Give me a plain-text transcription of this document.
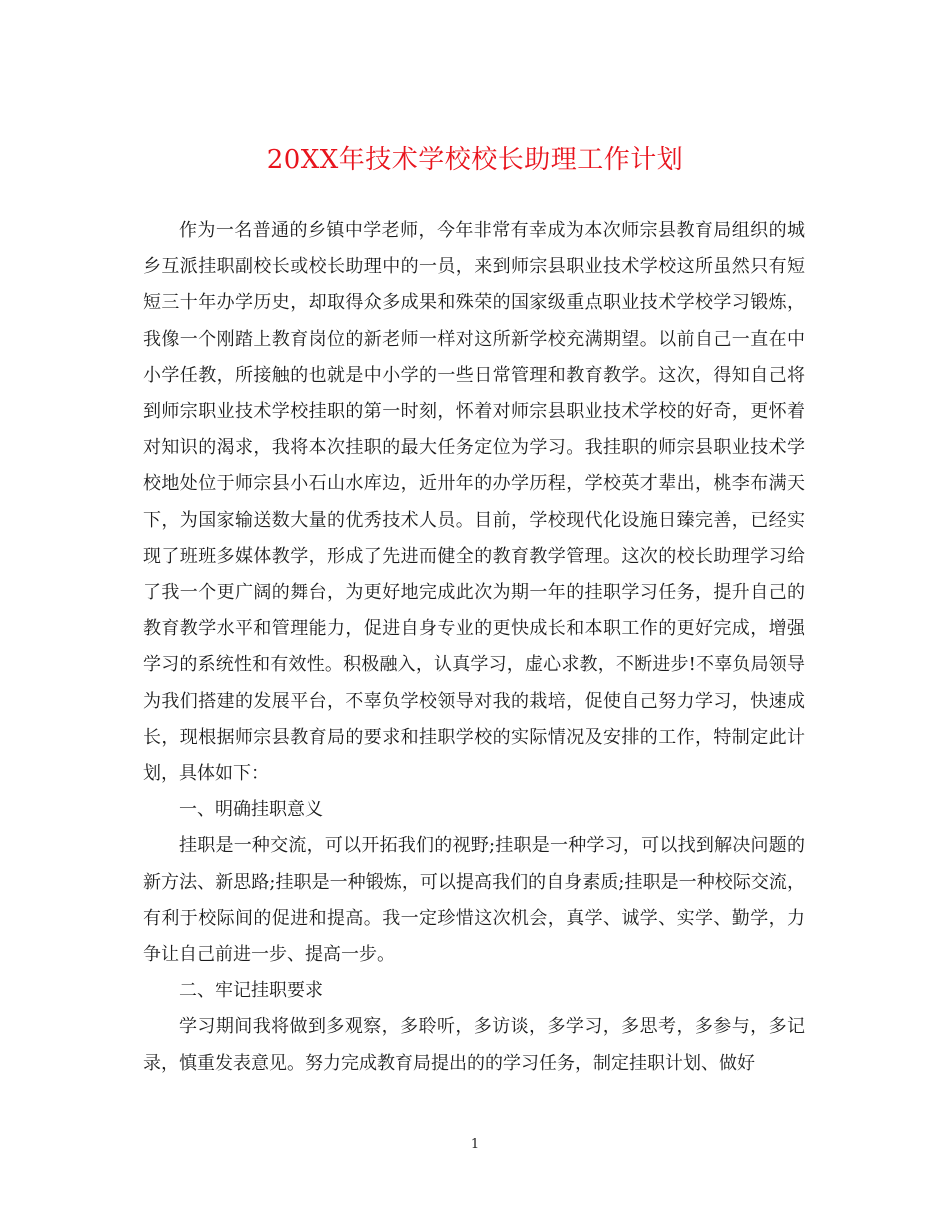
20XX年技术学校校长助理工作计划

作为一名普通的乡镇中学老师，今年非常有幸成为本次师宗县教育局组织的城乡互派挂职副校长或校长助理中的一员，来到师宗县职业技术学校这所虽然只有短短三十年办学历史，却取得众多成果和殊荣的国家级重点职业技术学校学习锻炼，我像一个刚踏上教育岗位的新老师一样对这所新学校充满期望。以前自己一直在中小学任教，所接触的也就是中小学的一些日常管理和教育教学。这次，得知自己将到师宗职业技术学校挂职的第一时刻，怀着对师宗县职业技术学校的好奇，更怀着对知识的渴求，我将本次挂职的最大任务定位为学习。我挂职的师宗县职业技术学校地处位于师宗县小石山水库边，近卅年的办学历程，学校英才辈出，桃李布满天下，为国家输送数大量的优秀技术人员。目前，学校现代化设施日臻完善，已经实现了班班多媒体教学，形成了先进而健全的教育教学管理。这次的校长助理学习给了我一个更广阔的舞台，为更好地完成此次为期一年的挂职学习任务，提升自己的教育教学水平和管理能力，促进自身专业的更快成长和本职工作的更好完成，增强学习的系统性和有效性。积极融入，认真学习，虚心求教，不断进步!不辜负局领导为我们搭建的发展平台，不辜负学校领导对我的栽培，促使自己努力学习，快速成长，现根据师宗县教育局的要求和挂职学校的实际情况及安排的工作，特制定此计划，具体如下：

一、明确挂职意义

挂职是一种交流，可以开拓我们的视野;挂职是一种学习，可以找到解决问题的新方法、新思路;挂职是一种锻炼，可以提高我们的自身素质;挂职是一种校际交流，有利于校际间的促进和提高。我一定珍惜这次机会，真学、诚学、实学、勤学，力争让自己前进一步、提高一步。

二、牢记挂职要求

学习期间我将做到多观察，多聆听，多访谈，多学习，多思考，多参与，多记录，慎重发表意见。努力完成教育局提出的的学习任务，制定挂职计划、做好

1
